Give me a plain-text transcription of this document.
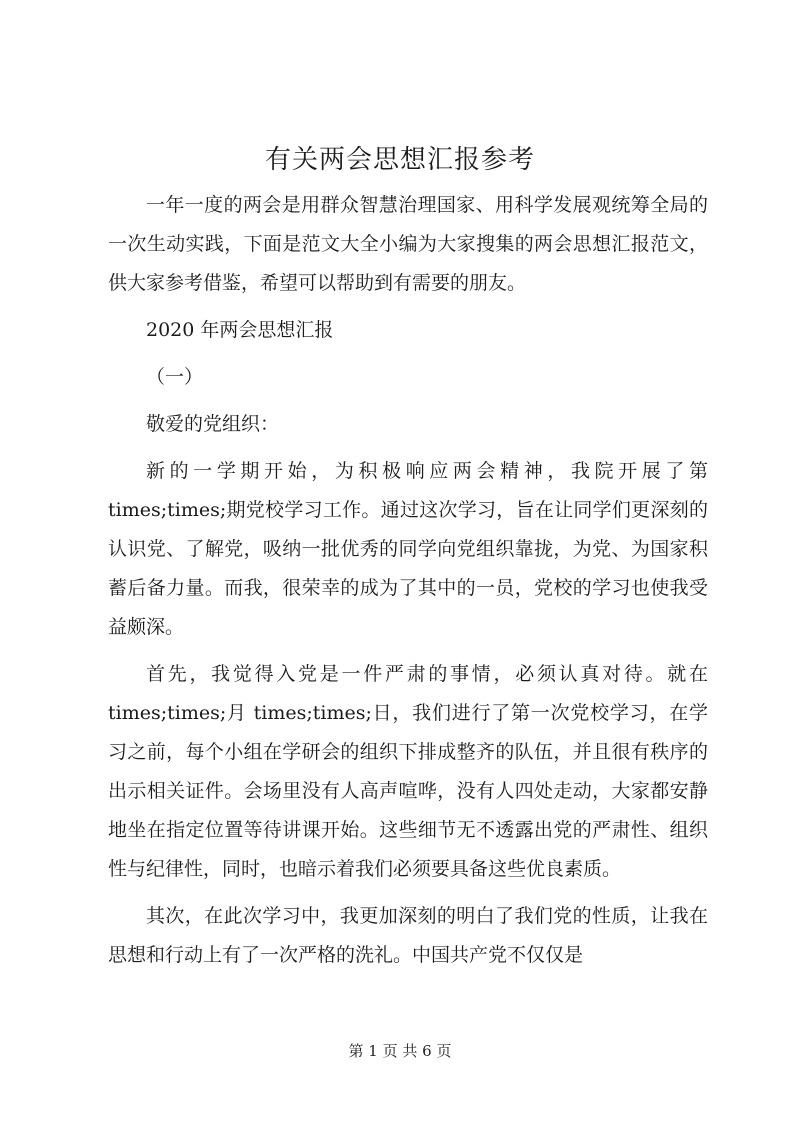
有关两会思想汇报参考

一年一度的两会是用群众智慧治理国家、用科学发展观统筹全局的一次生动实践，下面是范文大全小编为大家搜集的两会思想汇报范文，供大家参考借鉴，希望可以帮助到有需要的朋友。

2020 年两会思想汇报

（一）

敬爱的党组织：

新的一学期开始，为积极响应两会精神，我院开展了第times;times;期党校学习工作。通过这次学习，旨在让同学们更深刻的认识党、了解党，吸纳一批优秀的同学向党组织靠拢，为党、为国家积蓄后备力量。而我，很荣幸的成为了其中的一员，党校的学习也使我受益颇深。

首先，我觉得入党是一件严肃的事情，必须认真对待。就在times;times;月 times;times;日，我们进行了第一次党校学习，在学习之前，每个小组在学研会的组织下排成整齐的队伍，并且很有秩序的出示相关证件。会场里没有人高声喧哗，没有人四处走动，大家都安静地坐在指定位置等待讲课开始。这些细节无不透露出党的严肃性、组织性与纪律性，同时，也暗示着我们必须要具备这些优良素质。

其次，在此次学习中，我更加深刻的明白了我们党的性质，让我在思想和行动上有了一次严格的洗礼。中国共产党不仅仅是

第 1 页 共 6 页
